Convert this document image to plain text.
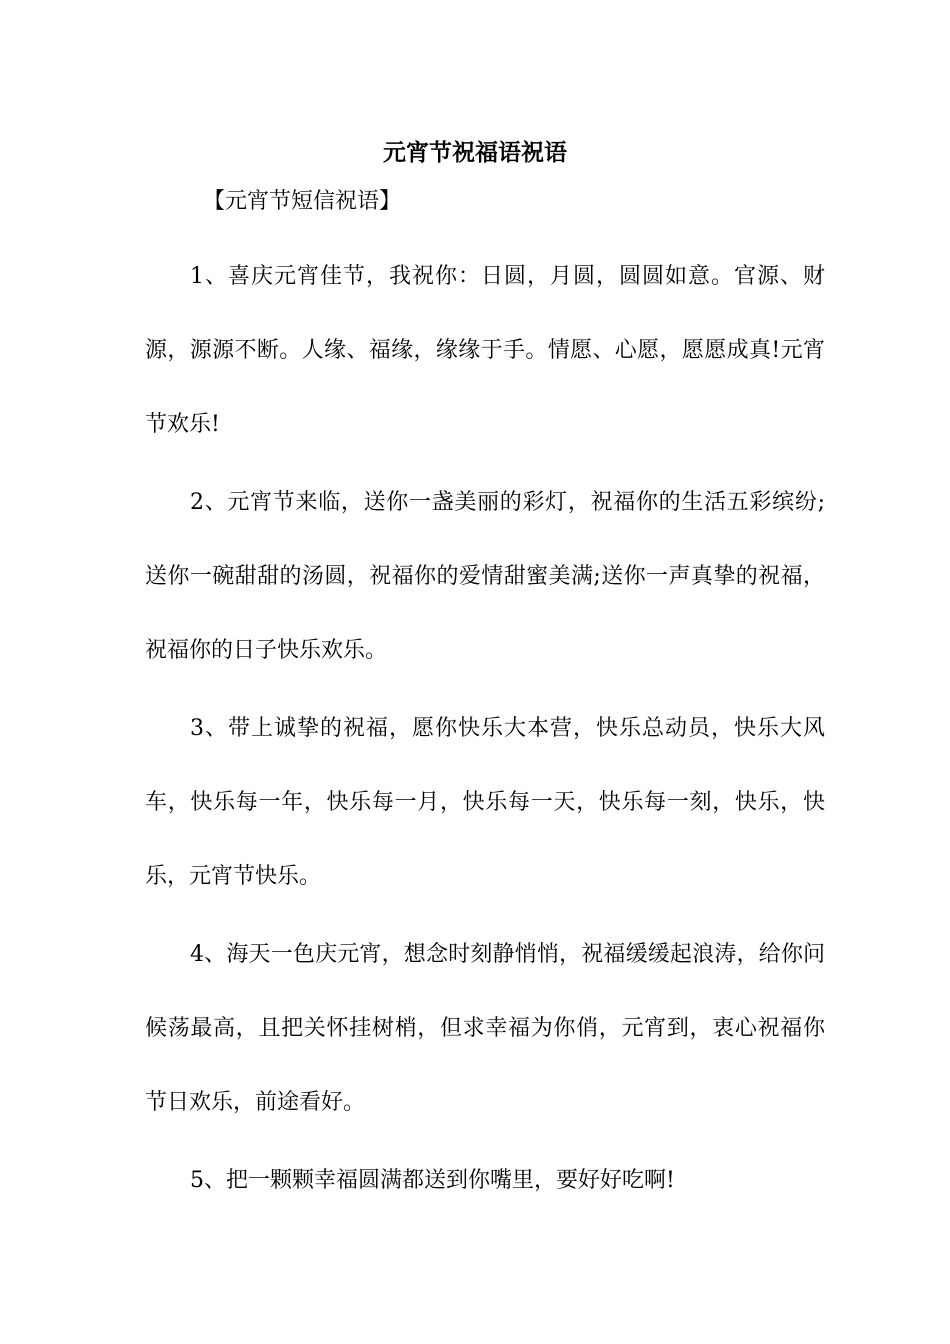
元宵节祝福语祝语
【元宵节短信祝语】
1、喜庆元宵佳节，我祝你：日圆，月圆，圆圆如意。官源、财源，源源不断。人缘、福缘，缘缘于手。情愿、心愿，愿愿成真!元宵节欢乐!
2、元宵节来临，送你一盏美丽的彩灯，祝福你的生活五彩缤纷;送你一碗甜甜的汤圆，祝福你的爱情甜蜜美满;送你一声真挚的祝福，祝福你的日子快乐欢乐。
3、带上诚挚的祝福，愿你快乐大本营，快乐总动员，快乐大风车，快乐每一年，快乐每一月，快乐每一天，快乐每一刻，快乐，快乐，元宵节快乐。
4、海天一色庆元宵，想念时刻静悄悄，祝福缓缓起浪涛，给你问候荡最高，且把关怀挂树梢，但求幸福为你俏，元宵到，衷心祝福你节日欢乐，前途看好。
5、把一颗颗幸福圆满都送到你嘴里，要好好吃啊!
